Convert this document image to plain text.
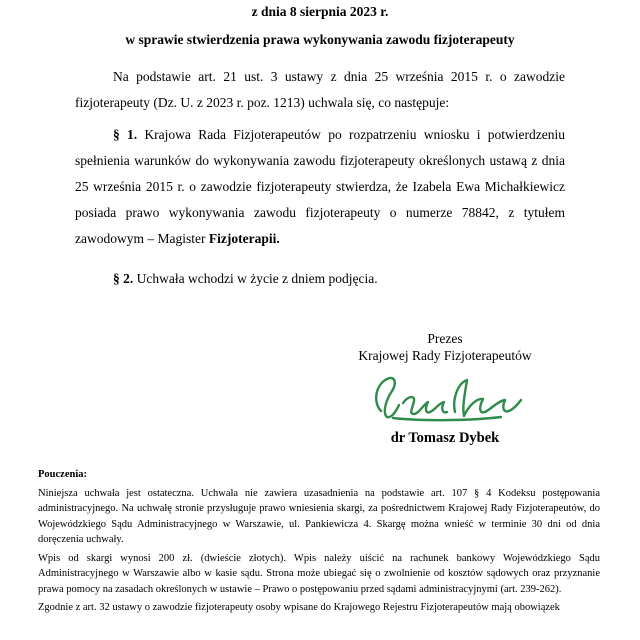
z dnia 8 sierpnia 2023 r.
w sprawie stwierdzenia prawa wykonywania zawodu fizjoterapeuty

Na podstawie art. 21 ust. 3 ustawy z dnia 25 września 2015 r. o zawodzie fizjoterapeuty (Dz. U. z 2023 r. poz. 1213) uchwala się, co następuje:

§ 1. Krajowa Rada Fizjoterapeutów po rozpatrzeniu wniosku i potwierdzeniu spełnienia warunków do wykonywania zawodu fizjoterapeuty określonych ustawą z dnia 25 września 2015 r. o zawodzie fizjoterapeuty stwierdza, że Izabela Ewa Michałkiewicz posiada prawo wykonywania zawodu fizjoterapeuty o numerze 78842, z tytułem zawodowym – Magister Fizjoterapii.

§ 2. Uchwała wchodzi w życie z dniem podjęcia.

Prezes
Krajowej Rady Fizjoterapeutów
dr Tomasz Dybek

Pouczenia:

Niniejsza uchwała jest ostateczna. Uchwała nie zawiera uzasadnienia na podstawie art. 107 § 4 Kodeksu postępowania administracyjnego. Na uchwałę stronie przysługuje prawo wniesienia skargi, za pośrednictwem Krajowej Rady Fizjoterapeutów, do Wojewódzkiego Sądu Administracyjnego w Warszawie, ul. Pankiewicza 4. Skargę można wnieść w terminie 30 dni od dnia doręczenia uchwały.

Wpis od skargi wynosi 200 zł. (dwieście złotych). Wpis należy uiścić na rachunek bankowy Wojewódzkiego Sądu Administracyjnego w Warszawie albo w kasie sądu. Strona może ubiegać się o zwolnienie od kosztów sądowych oraz przyznanie prawa pomocy na zasadach określonych w ustawie – Prawo o postępowaniu przed sądami administracyjnymi (art. 239-262).

Zgodnie z art. 32 ustawy o zawodzie fizjoterapeuty osoby wpisane do Krajowego Rejestru Fizjoterapeutów mają obowiązek
